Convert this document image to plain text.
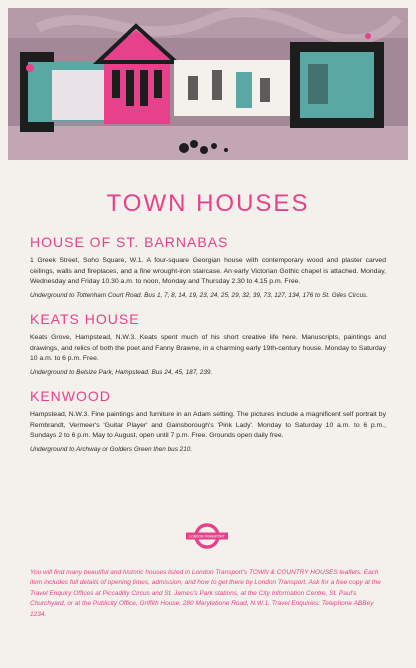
TOWN HOUSES
HOUSE OF ST. BARNABAS

1 Greek Street, Soho Square, W.1. A four-square Georgian house with contemporary wood and plaster carved ceilings, walls and fireplaces, and a fine wrought-iron staircase. An early Victorian Gothic chapel is attached. Monday, Wednesday and Friday 10.30 a.m. to noon, Monday and Thursday 2.30 to 4.15 p.m. Free.

Underground to Tottenham Court Road. Bus 1, 7, 8, 14, 19, 23, 24, 25, 29, 32, 39, 73, 127, 134, 176 to St. Giles Circus.

KEATS HOUSE

Keats Grove, Hampstead, N.W.3. Keats spent much of his short creative life here. Manuscripts, paintings and drawings, and relics of both the poet and Fanny Brawne, in a charming early 19th-century house. Monday to Saturday 10 a.m. to 6 p.m. Free.

Underground to Belsize Park, Hampstead. Bus 24, 45, 187, 239.

KENWOOD

Hampstead, N.W.3. Fine paintings and furniture in an Adam setting. The pictures include a magnificent self portrait by Rembrandt, Vermeer's 'Guitar Player' and Gainsborough's 'Pink Lady'. Monday to Saturday 10 a.m. to 6 p.m., Sundays 2 to 6 p.m. May to August, open until 7 p.m. Free. Grounds open daily free.

Underground to Archway or Golders Green then bus 210.

LONDON TRANSPORT

You will find many beautiful and historic houses listed in London Transport's TOWN & COUNTRY HOUSES leaflets. Each item includes full details of opening times, admission, and how to get there by London Transport. Ask for a free copy at the Travel Enquiry Offices at Piccadilly Circus and St. James's Park stations, at the City Information Centre, St. Paul's Churchyard, or at the Publicity Office, Griffith House, 280 Marylebone Road, N.W.1. Travel Enquiries: Telephone ABBey 1234.
